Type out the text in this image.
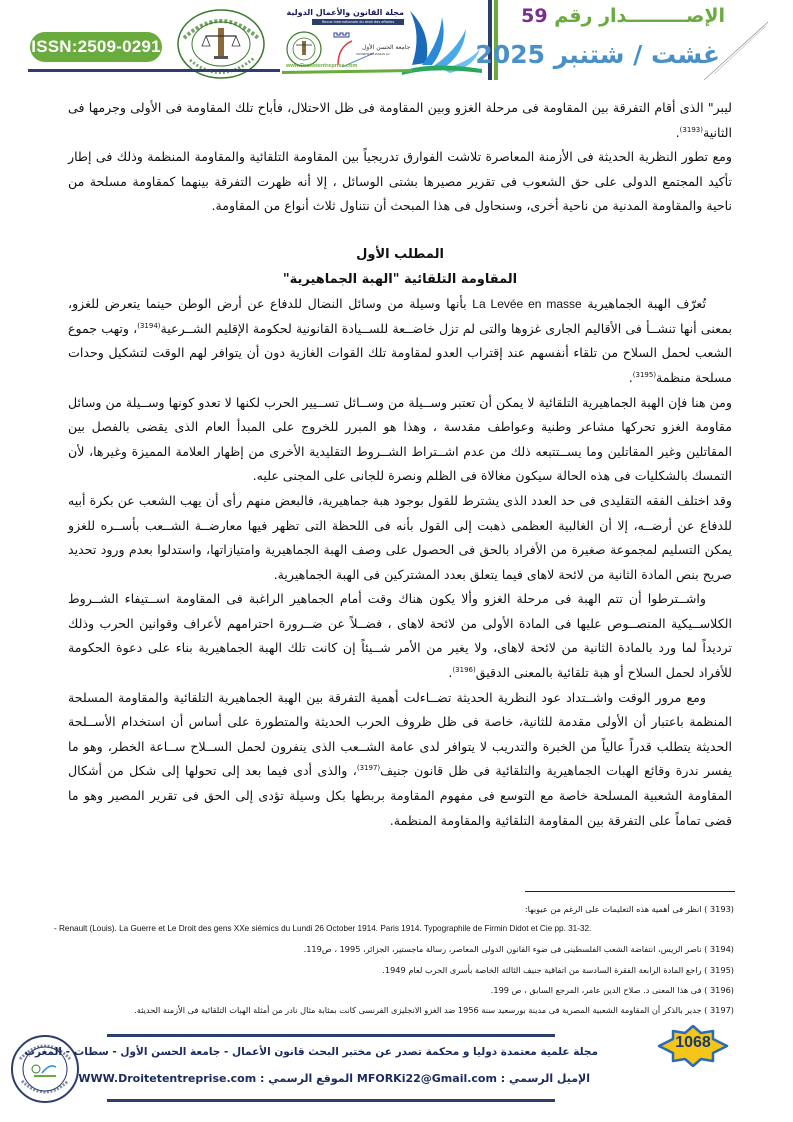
ISSN:2509-0291	جامعة الحسن الأول
UNIVERSITE HASSAN 1er
مجلة القانون والأعمال الدولية
Revue internationale du droit des affaires
www.Droitetentreprise.com
الإصـــــــــدار رقم 59
غشت / شتنبر 2025

ليبر" الذى أقام التفرقة بين المقاومة فى مرحلة الغزو وبين المقاومة فى ظل الاحتلال، فأباح تلك المقاومة فى الأولى وجرمها فى الثانية$^{(3193)}$.

ومع تطور النظرية الحديثة فى الأزمنة المعاصرة تلاشت الفوارق تدريجياً بين المقاومة التلقائية والمقاومة المنظمة وذلك فى إطار تأكيد المجتمع الدولى على حق الشعوب فى تقرير مصيرها بشتى الوسائل ، إلا أنه ظهرت التفرقة بينهما كمقاومة مسلحة من ناحية والمقاومة المدنية من ناحية أخرى، وسنحاول فى هذا المبحث أن نتناول ثلاث أنواع من المقاومة.

المطلب الأول

المقاومة التلقائية "الهبة الجماهيرية"

تُعرّف الهبة الجماهيرية La Levée en masse بأنها وسيلة من وسائل النضال للدفاع عن أرض الوطن حينما يتعرض للغزو، بمعنى أنها تنشــأ فى الأقاليم الجارى غزوها والتى لم تزل خاضــعة للســيادة القانونية لحكومة الإقليم الشــرعية$^{(3194)}$، وتهب جموع الشعب لحمل السلاح من تلقاء أنفسهم عند إقتراب العدو لمقاومة تلك القوات الغازية دون أن يتوافر لهم الوقت لتشكيل وحدات مسلحة منظمة$^{(3195)}$.

ومن هنا فإن الهبة الجماهيرية التلقائية لا يمكن أن تعتبر وســيلة من وســائل تســيير الحرب لكنها لا تعدو كونها وســيلة من وسائل مقاومة الغزو تحركها مشاعر وطنية وعواطف مقدسة ، وهذا هو المبرر للخروج على المبدأ العام الذى يقضى بالفصل بين المقاتلين وغير المقاتلين وما يســتتبعه ذلك من عدم اشــتراط الشــروط التقليدية الأخرى من إظهار العلامة المميزة وغيرها، لأن التمسك بالشكليات فى هذه الحالة سيكون مغالاة فى الظلم ونصرة للجانى على المجنى عليه.

وقد اختلف الفقه التقليدى فى حد العدد الذى يشترط للقول بوجود هبة جماهيرية، فالبعض منهم رأى أن يهب الشعب عن بكرة أبيه للدفاع عن أرضــه، إلا أن الغالبية العظمى ذهبت إلى القول بأنه فى اللحظة التى تظهر فيها معارضــة الشــعب بأســره للغزو يمكن التسليم لمجموعة صغيرة من الأفراد بالحق فى الحصول على وصف الهبة الجماهيرية وامتيازاتها، واستدلوا بعدم ورود تحديد صريح بنص المادة الثانية من لائحة لاهاى فيما يتعلق بعدد المشتركين فى الهبة الجماهيرية.

واشــترطوا أن تتم الهبة فى مرحلة الغزو وألا يكون هناك وقت أمام الجماهير الراغبة فى المقاومة اســتيفاء الشــروط الكلاســيكية المنصــوص عليها فى المادة الأولى من لائحة لاهاى ، فضــلاً عن ضــرورة احترامهم لأعراف وقوانين الحرب وذلك ترديداً لما ورد بالمادة الثانية من لائحة لاهاى، ولا يغير من الأمر شــيئاً إن كانت تلك الهبة الجماهيرية بناء على دعوة الحكومة للأفراد لحمل السلاح أو هبة تلقائية بالمعنى الدقيق$^{(3196)}$.

ومع مرور الوقت واشــتداد عود النظرية الحديثة تضــاءلت أهمية التفرقة بين الهبة الجماهيرية التلقائية والمقاومة المسلحة المنظمة باعتبار أن الأولى مقدمة للثانية، خاصة فى ظل ظروف الحرب الحديثة والمتطورة على أساس أن استخدام الأســلحة الحديثة يتطلب قدراً عالياً من الخبرة والتدريب لا يتوافر لدى عامة الشــعب الذى ينفرون لحمل الســلاح ســاعة الخطر، وهو ما يفسر ندرة وقائع الهبات الجماهيرية والتلقائية فى ظل قانون جنيف$^{(3197)}$، والذى أدى فيما بعد إلى تحولها إلى شكل من أشكال المقاومة الشعبية المسلحة خاصة مع التوسع فى مفهوم المقاومة بربطها بكل وسيلة تؤدى إلى الحق فى تقرير المصير وهو ما قضى تماماً على التفرقة بين المقاومة التلقائية والمقاومة المنظمة.

(3193 ) انظر فى أهمية هذه التعليمات على الرغم من عيوبها:
- Renault (Louis). La Guerre et Le Droit des gens XXe siémics du Lundi 26 October 1914. Paris 1914. Typographile de Firmin Didot et Cie pp. 31-32.
(3194 ) ناصر الريس، انتفاضة الشعب الفلسطينى فى ضوء القانون الدولى المعاصر، رسالة ماجستير، الجزائر، 1995 ، ص119.
(3195 ) راجع المادة الرابعة الفقرة السادسة من اتفاقية جنيف الثالثة الخاصة بأسرى الحرب لعام 1949.
(3196 ) فى هذا المعنى د. صلاح الدين عامر، المرجع السابق ، ص 199.
(3197 ) جدير بالذكر أن المقاومة الشعبية المصرية فى مدينة بورسعيد سنة 1956 ضد الغزو الانجليزى الفرنسى كانت بمثابة مثال نادر من أمثلة الهبات التلقائية فى الأزمنة الحديثة.
مجلة علمية معتمدة دوليا و محكمة تصدر عن مختبر البحث قانون الأعمال - جامعة الحسن الأول - سطات - المغرب
الإميل الرسمي : MFORKi22@Gmail.com الموقع الرسمي : WWW.Droitetentreprise.com
1068
